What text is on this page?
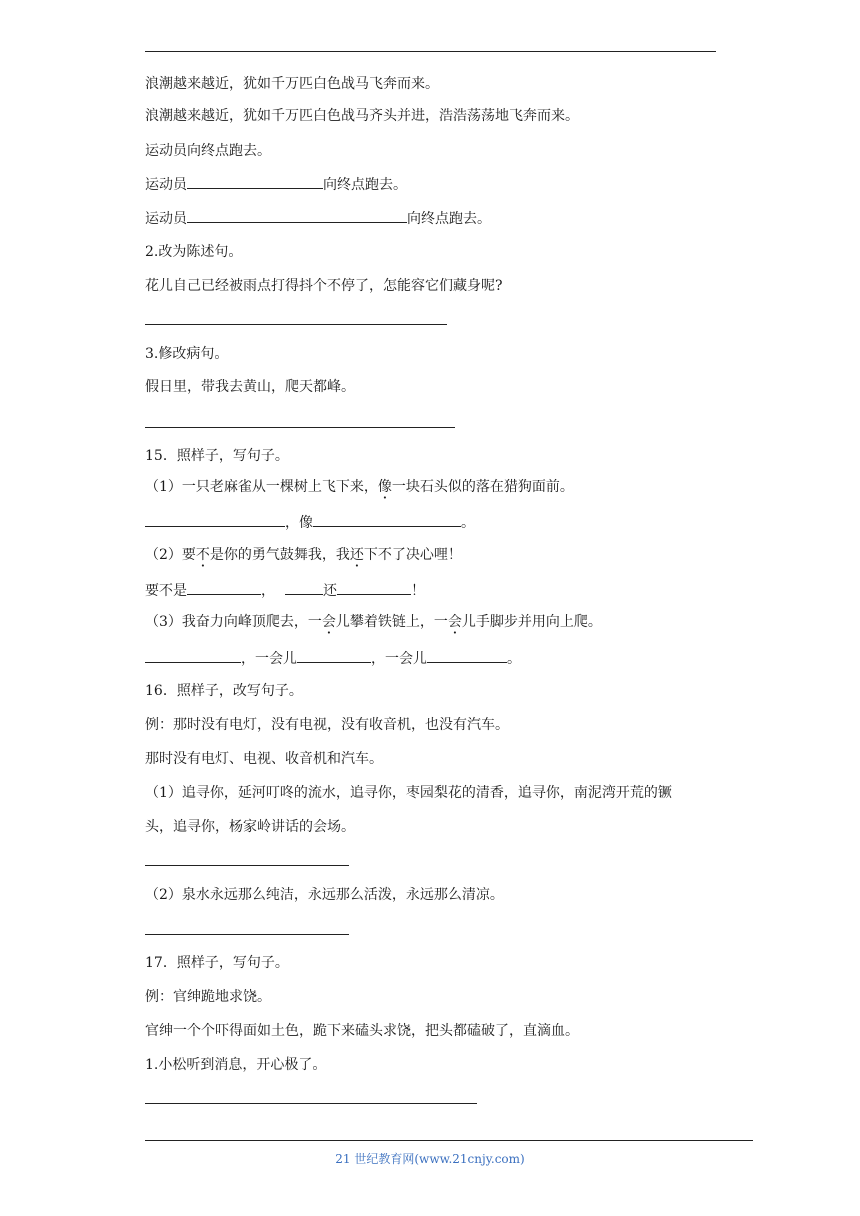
浪潮越来越近，犹如千万匹白色战马飞奔而来。
浪潮越来越近，犹如千万匹白色战马齐头并进，浩浩荡荡地飞奔而来。
运动员向终点跑去。
运动员	向终点跑去。
运动员	向终点跑去。
2.改为陈述句。
花儿自己已经被雨点打得抖个不停了，怎能容它们藏身呢?
3.修改病句。
假日里，带我去黄山，爬天都峰。
15．照样子，写句子。
（1）一只老麻雀从一棵树上飞下来，像一块石头似的落在猎狗面前。
，像	。
（2）要不是你的勇气鼓舞我，我还下不了决心哩！
要不是	，	还	！
（3）我奋力向峰顶爬去，一会儿攀着铁链上，一会儿手脚步并用向上爬。
，一会儿	，一会儿	。
16．照样子，改写句子。
例：那时没有电灯，没有电视，没有收音机，也没有汽车。
那时没有电灯、电视、收音机和汽车。
（1）追寻你，延河叮咚的流水，追寻你，枣园梨花的清香，追寻你，南泥湾开荒的镢
头，追寻你，杨家岭讲话的会场。
（2）泉水永远那么纯洁，永远那么活泼，永远那么清凉。
17．照样子，写句子。
例：官绅跪地求饶。
官绅一个个吓得面如土色，跪下来磕头求饶，把头都磕破了，直滴血。
1.小松听到消息，开心极了。
21 世纪教育网(www.21cnjy.com)
